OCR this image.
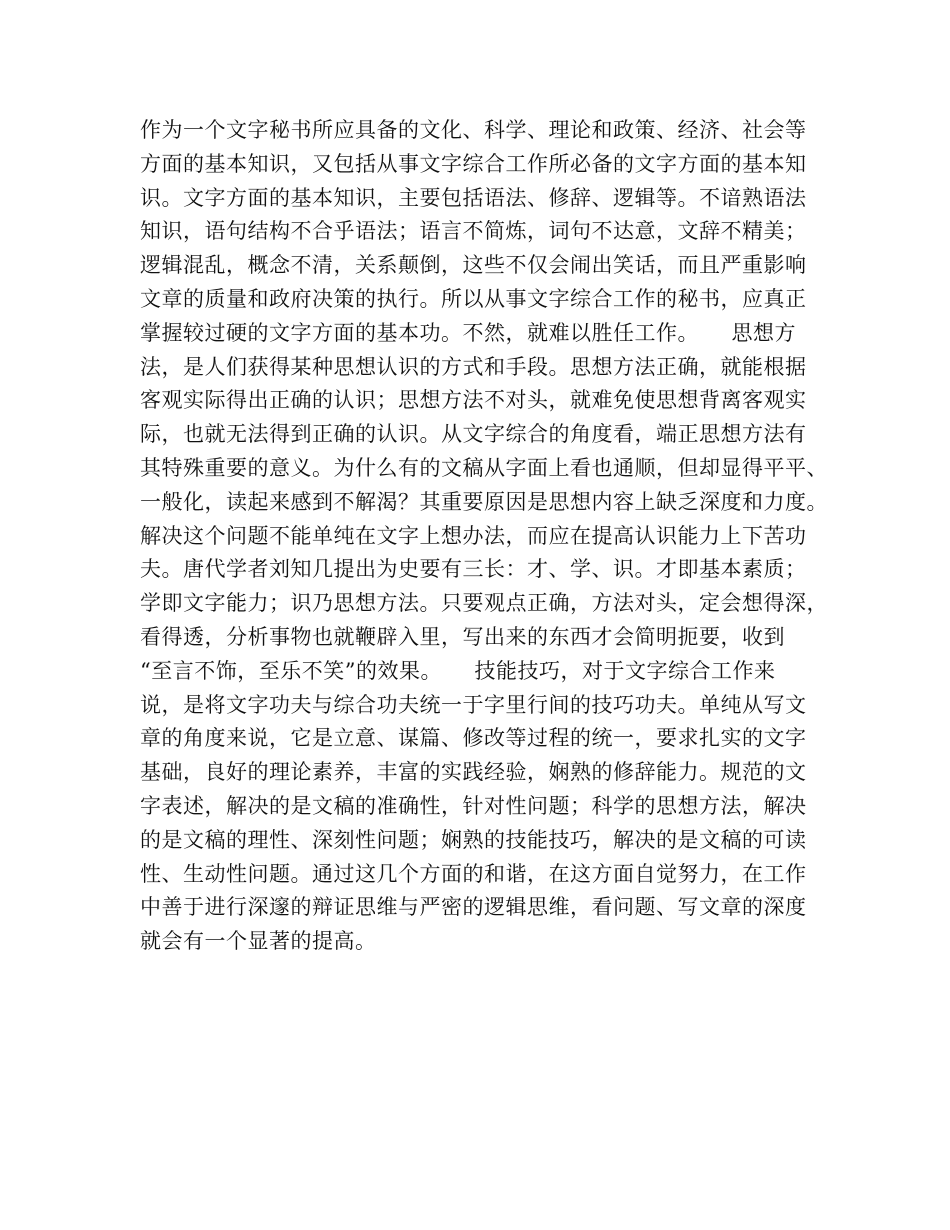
作为一个文字秘书所应具备的文化、科学、理论和政策、经济、社会等
方面的基本知识，又包括从事文字综合工作所必备的文字方面的基本知
识。文字方面的基本知识，主要包括语法、修辞、逻辑等。不谙熟语法
知识，语句结构不合乎语法；语言不简炼，词句不达意，文辞不精美；
逻辑混乱，概念不清，关系颠倒，这些不仅会闹出笑话，而且严重影响
文章的质量和政府决策的执行。所以从事文字综合工作的秘书，应真正
掌握较过硬的文字方面的基本功。不然，就难以胜任工作。　　思想方
法，是人们获得某种思想认识的方式和手段。思想方法正确，就能根据
客观实际得出正确的认识；思想方法不对头，就难免使思想背离客观实
际，也就无法得到正确的认识。从文字综合的角度看，端正思想方法有
其特殊重要的意义。为什么有的文稿从字面上看也通顺，但却显得平平、
一般化，读起来感到不解渴？其重要原因是思想内容上缺乏深度和力度。
解决这个问题不能单纯在文字上想办法，而应在提高认识能力上下苦功
夫。唐代学者刘知几提出为史要有三长：才、学、识。才即基本素质；
学即文字能力；识乃思想方法。只要观点正确，方法对头，定会想得深，
看得透，分析事物也就鞭辟入里，写出来的东西才会简明扼要，收到
“至言不饰，至乐不笑”的效果。　　技能技巧，对于文字综合工作来
说，是将文字功夫与综合功夫统一于字里行间的技巧功夫。单纯从写文
章的角度来说，它是立意、谋篇、修改等过程的统一，要求扎实的文字
基础，良好的理论素养，丰富的实践经验，娴熟的修辞能力。规范的文
字表述，解决的是文稿的准确性，针对性问题；科学的思想方法，解决
的是文稿的理性、深刻性问题；娴熟的技能技巧，解决的是文稿的可读
性、生动性问题。通过这几个方面的和谐，在这方面自觉努力，在工作
中善于进行深邃的辩证思维与严密的逻辑思维，看问题、写文章的深度
就会有一个显著的提高。
